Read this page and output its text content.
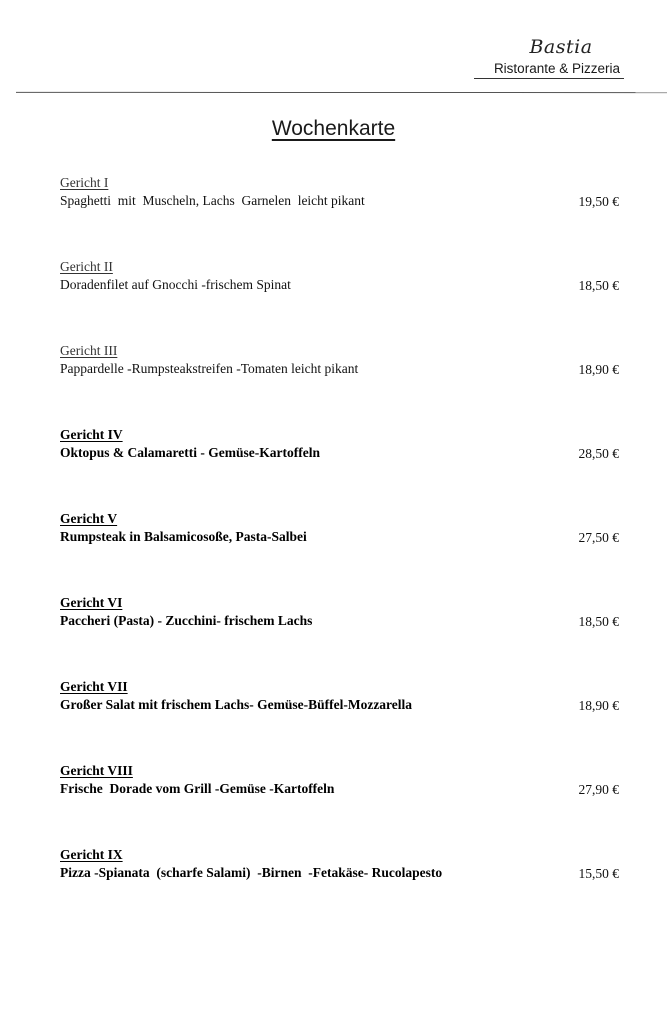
Bastia
Ristorante & Pizzeria
Wochenkarte
Gericht I
Spaghetti  mit  Muscheln, Lachs  Garnelen  leicht pikant	19,50 €
Gericht II
Doradenfilet auf Gnocchi -frischem Spinat	18,50 €
Gericht III
Pappardelle -Rumpsteakstreifen -Tomaten leicht pikant	18,90 €
Gericht IV
Oktopus & Calamaretti - Gemüse-Kartoffeln	28,50 €
Gericht V
Rumpsteak in Balsamicosoße, Pasta-Salbei	27,50 €
Gericht VI
Paccheri (Pasta) - Zucchini- frischem Lachs	18,50 €
Gericht VII
Großer Salat mit frischem Lachs- Gemüse-Büffel-Mozzarella	18,90 €
Gericht VIII
Frische  Dorade vom Grill -Gemüse -Kartoffeln	27,90 €
Gericht IX
Pizza -Spianata  (scharfe Salami)  -Birnen  -Fetakäse- Rucolapesto	15,50 €
